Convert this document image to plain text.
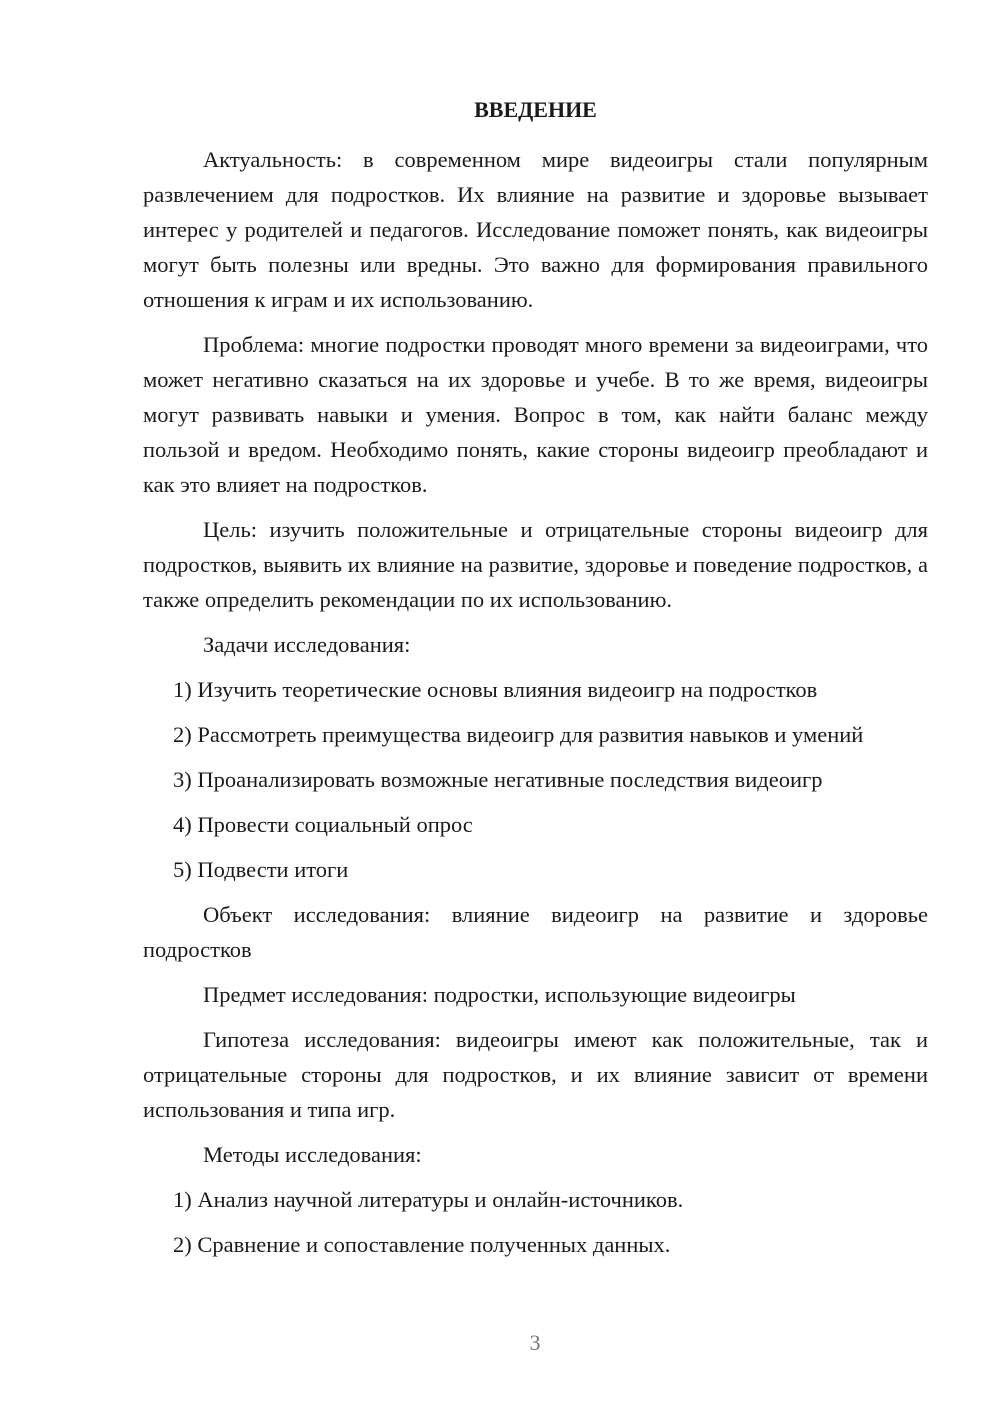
ВВЕДЕНИЕ

Актуальность: в современном мире видеоигры стали популярным развлечением для подростков. Их влияние на развитие и здоровье вызывает интерес у родителей и педагогов. Исследование поможет понять, как видеоигры могут быть полезны или вредны. Это важно для формирования правильного отношения к играм и их использованию.

Проблема: многие подростки проводят много времени за видеоиграми, что может негативно сказаться на их здоровье и учебе. В то же время, видеоигры могут развивать навыки и умения. Вопрос в том, как найти баланс между пользой и вредом. Необходимо понять, какие стороны видеоигр преобладают и как это влияет на подростков.

Цель: изучить положительные и отрицательные стороны видеоигр для подростков, выявить их влияние на развитие, здоровье и поведение подростков, а также определить рекомендации по их использованию.

Задачи исследования:

1) Изучить теоретические основы влияния видеоигр на подростков

2) Рассмотреть преимущества видеоигр для развития навыков и умений

3) Проанализировать возможные негативные последствия видеоигр

4) Провести социальный опрос

5) Подвести итоги

Объект исследования: влияние видеоигр на развитие и здоровье подростков

Предмет исследования: подростки, использующие видеоигры

Гипотеза исследования: видеоигры имеют как положительные, так и отрицательные стороны для подростков, и их влияние зависит от времени использования и типа игр.

Методы исследования:

1) Анализ научной литературы и онлайн-источников.

2) Сравнение и сопоставление полученных данных.

3
